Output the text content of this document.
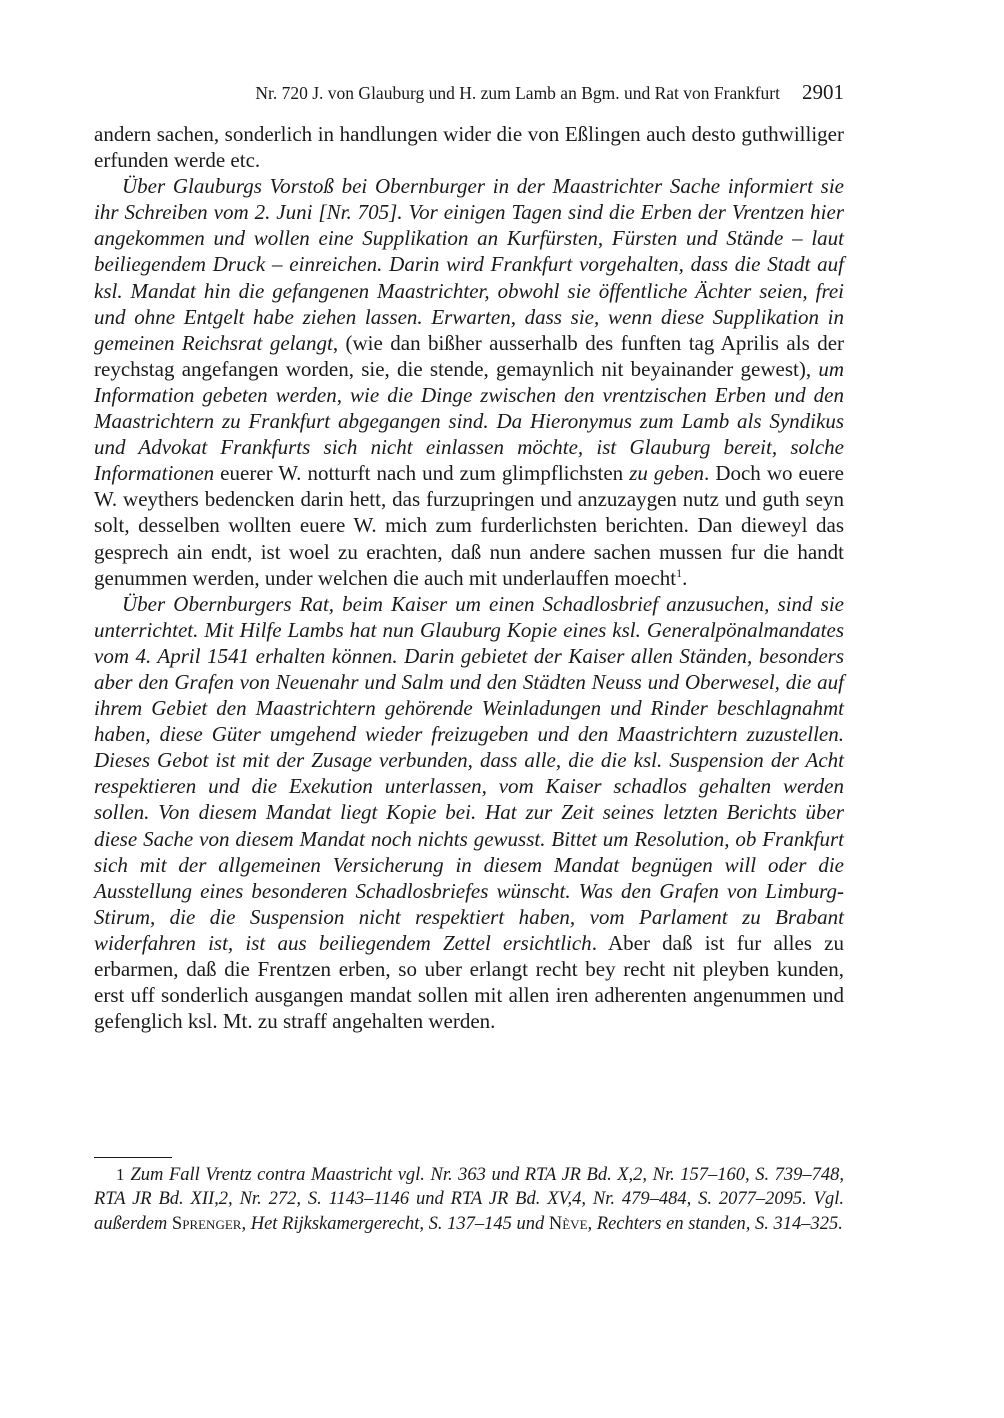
Nr. 720 J. von Glauburg und H. zum Lamb an Bgm. und Rat von Frankfurt 2901

andern sachen, sonderlich in handlungen wider die von Eßlingen auch desto guthwilliger erfunden werde etc.

Über Glauburgs Vorstoß bei Obernburger in der Maastrichter Sache informiert sie ihr Schreiben vom 2. Juni [Nr. 705]. Vor einigen Tagen sind die Erben der Vrentzen hier angekommen und wollen eine Supplikation an Kurfürsten, Fürsten und Stände – laut beiliegendem Druck – einreichen. Darin wird Frankfurt vorgehalten, dass die Stadt auf ksl. Mandat hin die gefangenen Maastrichter, obwohl sie öffentliche Ächter seien, frei und ohne Entgelt habe ziehen lassen. Erwarten, dass sie, wenn diese Supplikation in gemeinen Reichsrat gelangt, (wie dan bißher ausserhalb des funften tag Aprilis als der reychstag angefangen worden, sie, die stende, gemaynlich nit beyainander gewest), um Information gebeten werden, wie die Dinge zwischen den vrentzischen Erben und den Maastrichtern zu Frankfurt abgegangen sind. Da Hieronymus zum Lamb als Syndikus und Advokat Frankfurts sich nicht einlassen möchte, ist Glauburg bereit, solche Informationen euerer W. notturft nach und zum glimpflichsten zu geben. Doch wo euere W. weythers bedencken darin hett, das furzupringen und anzuzaygen nutz und guth seyn solt, desselben wollten euere W. mich zum furderlichsten berichten. Dan dieweyl das gesprech ain endt, ist woel zu erachten, daß nun andere sachen mussen fur die handt genummen werden, under welchen die auch mit underlauffen moecht$^1$.

Über Obernburgers Rat, beim Kaiser um einen Schadlosbrief anzusuchen, sind sie unterrichtet. Mit Hilfe Lambs hat nun Glauburg Kopie eines ksl. Generalpönalmandates vom 4. April 1541 erhalten können. Darin gebietet der Kaiser allen Ständen, besonders aber den Grafen von Neuenahr und Salm und den Städten Neuss und Oberwesel, die auf ihrem Gebiet den Maastrichtern gehörende Weinladungen und Rinder beschlagnahmt haben, diese Güter umgehend wieder freizugeben und den Maastrichtern zuzustellen. Dieses Gebot ist mit der Zusage verbunden, dass alle, die die ksl. Suspension der Acht respektieren und die Exekution unterlassen, vom Kaiser schadlos gehalten werden sollen. Von diesem Mandat liegt Kopie bei. Hat zur Zeit seines letzten Berichts über diese Sache von diesem Mandat noch nichts gewusst. Bittet um Resolution, ob Frankfurt sich mit der allgemeinen Versicherung in diesem Mandat begnügen will oder die Ausstellung eines besonderen Schadlosbriefes wünscht. Was den Grafen von Limburg-Stirum, die die Suspension nicht respektiert haben, vom Parlament zu Brabant widerfahren ist, ist aus beiliegendem Zettel ersichtlich. Aber daß ist fur alles zu erbarmen, daß die Frentzen erben, so uber erlangt recht bey recht nit pleyben kunden, erst uff sonderlich ausgangen mandat sollen mit allen iren adherenten angenummen und gefenglich ksl. Mt. zu straff angehalten werden.

1 Zum Fall Vrentz contra Maastricht vgl. Nr. 363 und RTA JR Bd. X,2, Nr. 157–160, S. 739–748, RTA JR Bd. XII,2, Nr. 272, S. 1143–1146 und RTA JR Bd. XV,4, Nr. 479–484, S. 2077–2095. Vgl. außerdem Sprenger, Het Rijkskamergerecht, S. 137–145 und Nève, Rechters en standen, S. 314–325.
